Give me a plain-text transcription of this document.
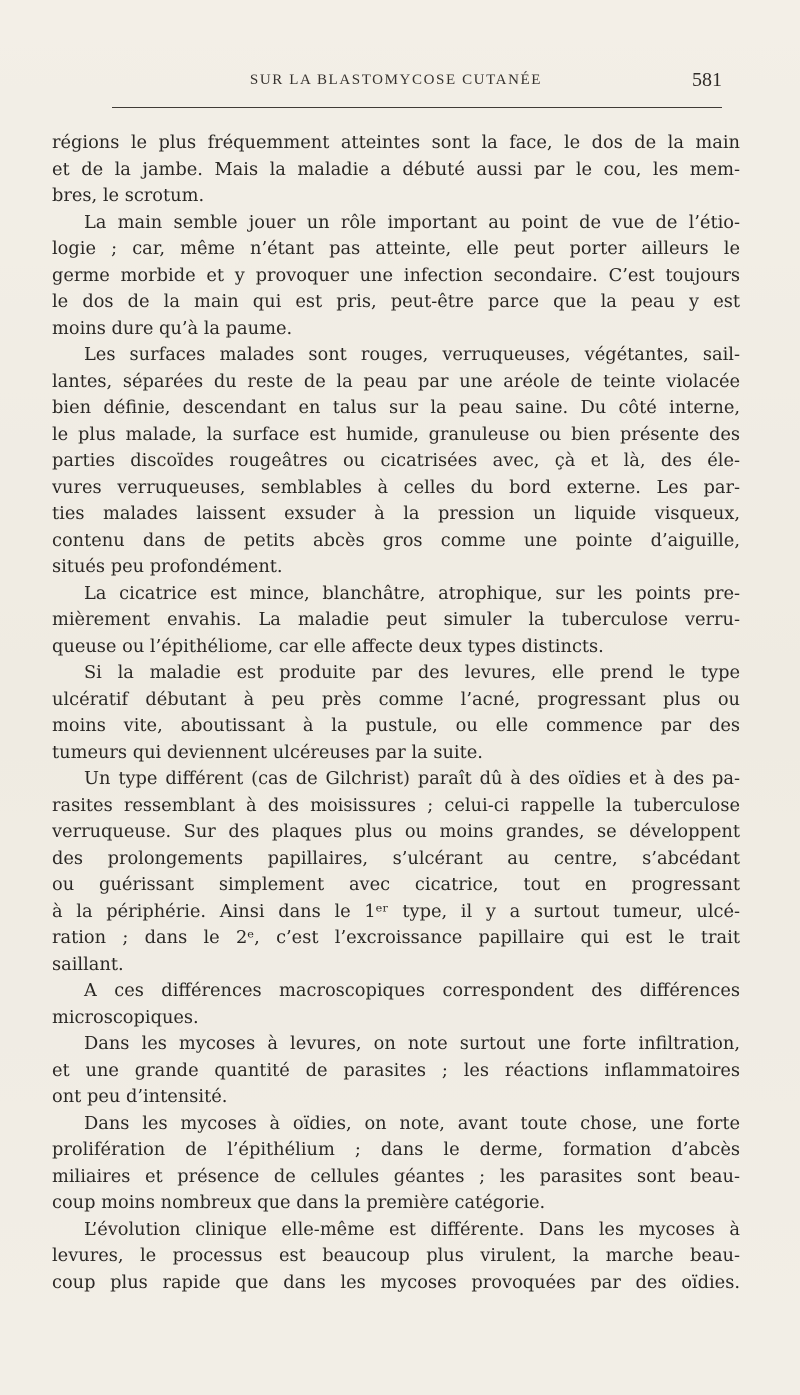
SUR LA BLASTOMYCOSE CUTANÉE	581
régions le plus fréquemment atteintes sont la face, le dos de la main
et de la jambe. Mais la maladie a débuté aussi par le cou, les mem-
bres, le scrotum.
La main semble jouer un rôle important au point de vue de l’étio-
logie ; car, même n’étant pas atteinte, elle peut porter ailleurs le
germe morbide et y provoquer une infection secondaire. C’est toujours
le dos de la main qui est pris, peut-être parce que la peau y est
moins dure qu’à la paume.
Les surfaces malades sont rouges, verruqueuses, végétantes, sail-
lantes, séparées du reste de la peau par une aréole de teinte violacée
bien définie, descendant en talus sur la peau saine. Du côté interne,
le plus malade, la surface est humide, granuleuse ou bien présente des
parties discoïdes rougeâtres ou cicatrisées avec, çà et là, des éle-
vures verruqueuses, semblables à celles du bord externe. Les par-
ties malades laissent exsuder à la pression un liquide visqueux,
contenu dans de petits abcès gros comme une pointe d’aiguille,
situés peu profondément.
La cicatrice est mince, blanchâtre, atrophique, sur les points pre-
mièrement envahis. La maladie peut simuler la tuberculose verru-
queuse ou l’épithéliome, car elle affecte deux types distincts.
Si la maladie est produite par des levures, elle prend le type
ulcératif débutant à peu près comme l’acné, progressant plus ou
moins vite, aboutissant à la pustule, ou elle commence par des
tumeurs qui deviennent ulcéreuses par la suite.
Un type différent (cas de Gilchrist) paraît dû à des oïdies et à des pa-
rasites ressemblant à des moisissures ; celui-ci rappelle la tuberculose
verruqueuse. Sur des plaques plus ou moins grandes, se développent
des prolongements papillaires, s’ulcérant au centre, s’abcédant
ou guérissant simplement avec cicatrice, tout en progressant
à la périphérie. Ainsi dans le 1ᵉʳ type, il y a surtout tumeur, ulcé-
ration ; dans le 2ᵉ, c’est l’excroissance papillaire qui est le trait
saillant.
A ces différences macroscopiques correspondent des différences
microscopiques.
Dans les mycoses à levures, on note surtout une forte infiltration,
et une grande quantité de parasites ; les réactions inflammatoires
ont peu d’intensité.
Dans les mycoses à oïdies, on note, avant toute chose, une forte
prolifération de l’épithélium ; dans le derme, formation d’abcès
miliaires et présence de cellules géantes ; les parasites sont beau-
coup moins nombreux que dans la première catégorie.
L’évolution clinique elle-même est différente. Dans les mycoses à
levures, le processus est beaucoup plus virulent, la marche beau-
coup plus rapide que dans les mycoses provoquées par des oïdies.
